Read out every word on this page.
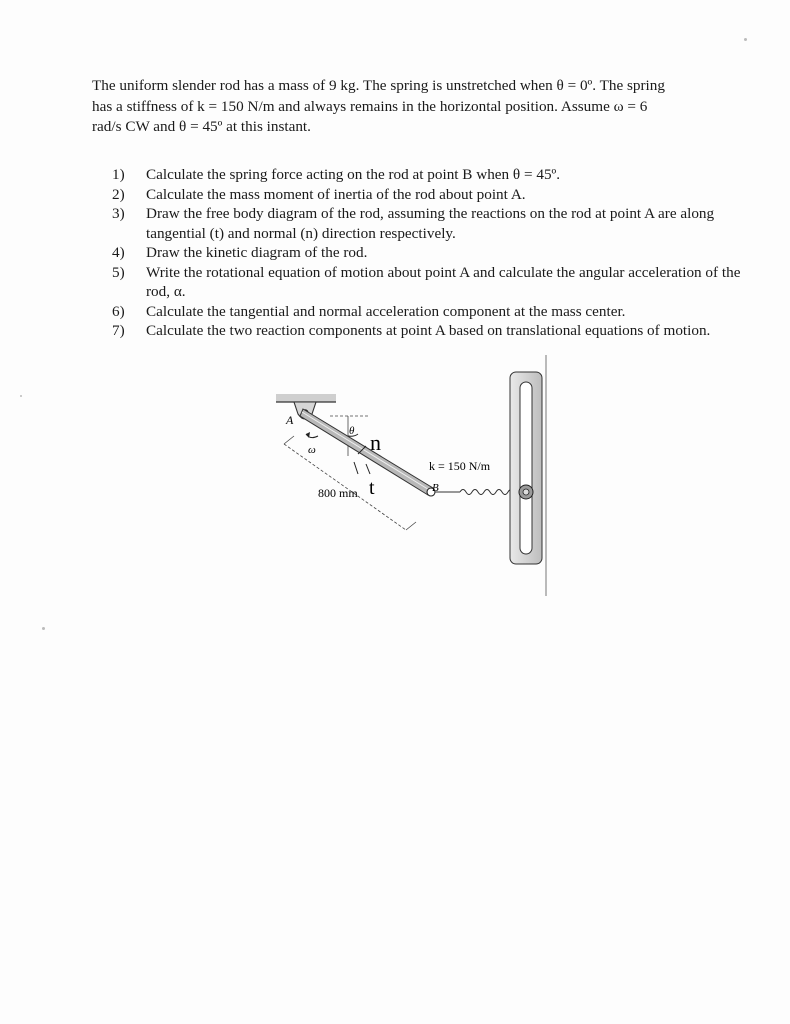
The uniform slender rod has a mass of 9 kg. The spring is unstretched when θ = 0º. The spring
has a stiffness of k = 150 N/m and always remains in the horizontal position. Assume ω = 6
rad/s CW and θ = 45º at this instant.
1) Calculate the spring force acting on the rod at point B when θ = 45º.
2) Calculate the mass moment of inertia of the rod about point A.
3) Draw the free body diagram of the rod, assuming the reactions on the rod at point A are along tangential (t) and normal (n) direction respectively.
4) Draw the kinetic diagram of the rod.
5) Write the rotational equation of motion about point A and calculate the angular acceleration of the rod, α.
6) Calculate the tangential and normal acceleration component at the mass center.
7) Calculate the two reaction components at point A based on translational equations of motion.
A
θ
ω n
800 mm t
k = 150 N/m
B
